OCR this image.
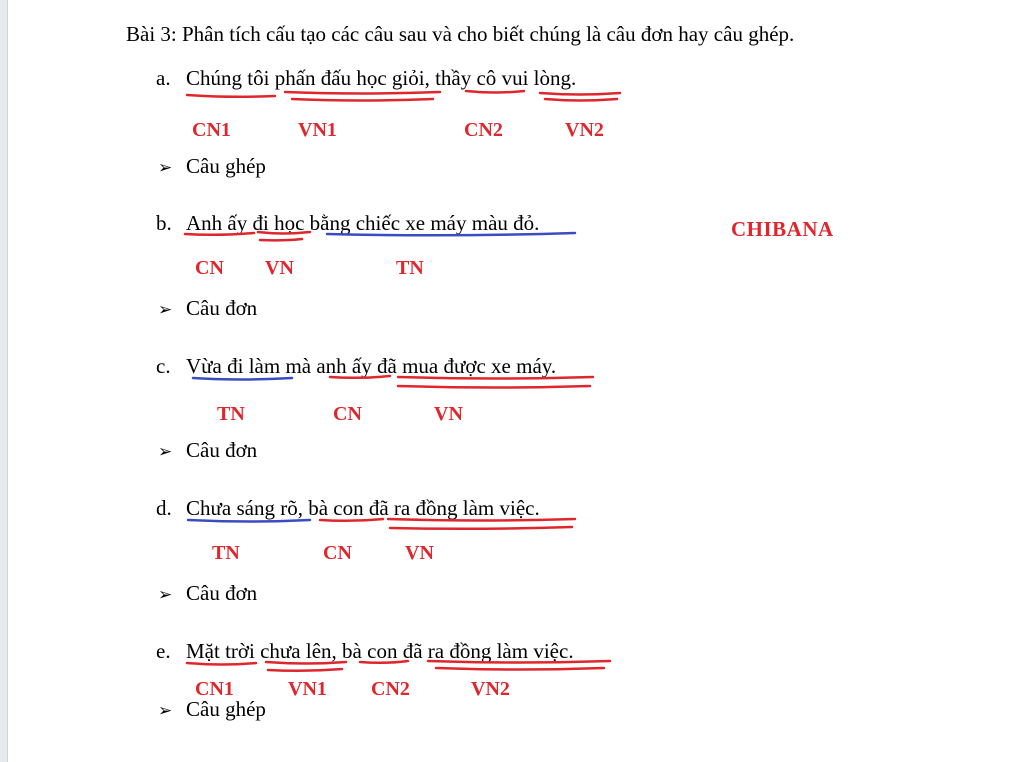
Bài 3: Phân tích cấu tạo các câu sau và cho biết chúng là câu đơn hay câu ghép.
CHIBANA
a. Chúng tôi phấn đấu học giỏi, thầy cô vui lòng.
CN1	VN1	CN2	VN2
➢ Câu ghép
b. Anh ấy đi học bằng chiếc xe máy màu đỏ.
CN VN	TN
➢ Câu đơn
c. Vừa đi làm mà anh ấy đã mua được xe máy.
TN	CN	VN
➢ Câu đơn
d. Chưa sáng rõ, bà con đã ra đồng làm việc.
TN	CN	VN
➢ Câu đơn
e. Mặt trời chưa lên, bà con đã ra đồng làm việc.
CN1	VN1 CN2	VN2
➢ Câu ghép
